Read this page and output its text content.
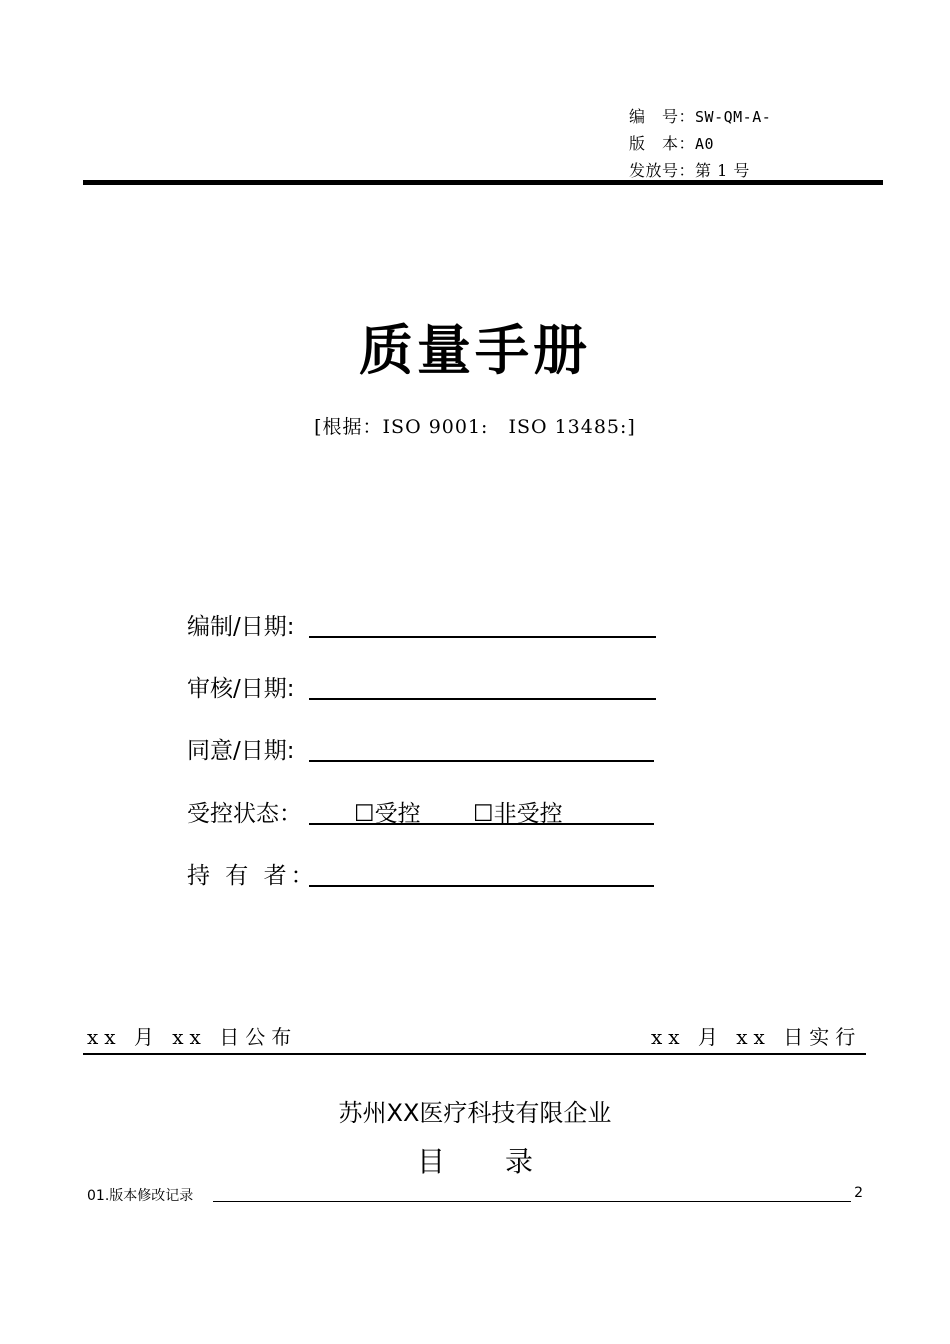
编　号：SW-QM-A-
版　本：A0
发放号：第 1 号
质量手册
[根据：ISO 9001:　ISO 13485:]
编制/日期:
审核/日期:
同意/日期:
受控状态： ☐受控 ☐非受控
持 有 者：
xx 月 xx 日公布	xx 月 xx 日实行
苏州XX医疗科技有限企业
目录
01.版本修改记录	2
